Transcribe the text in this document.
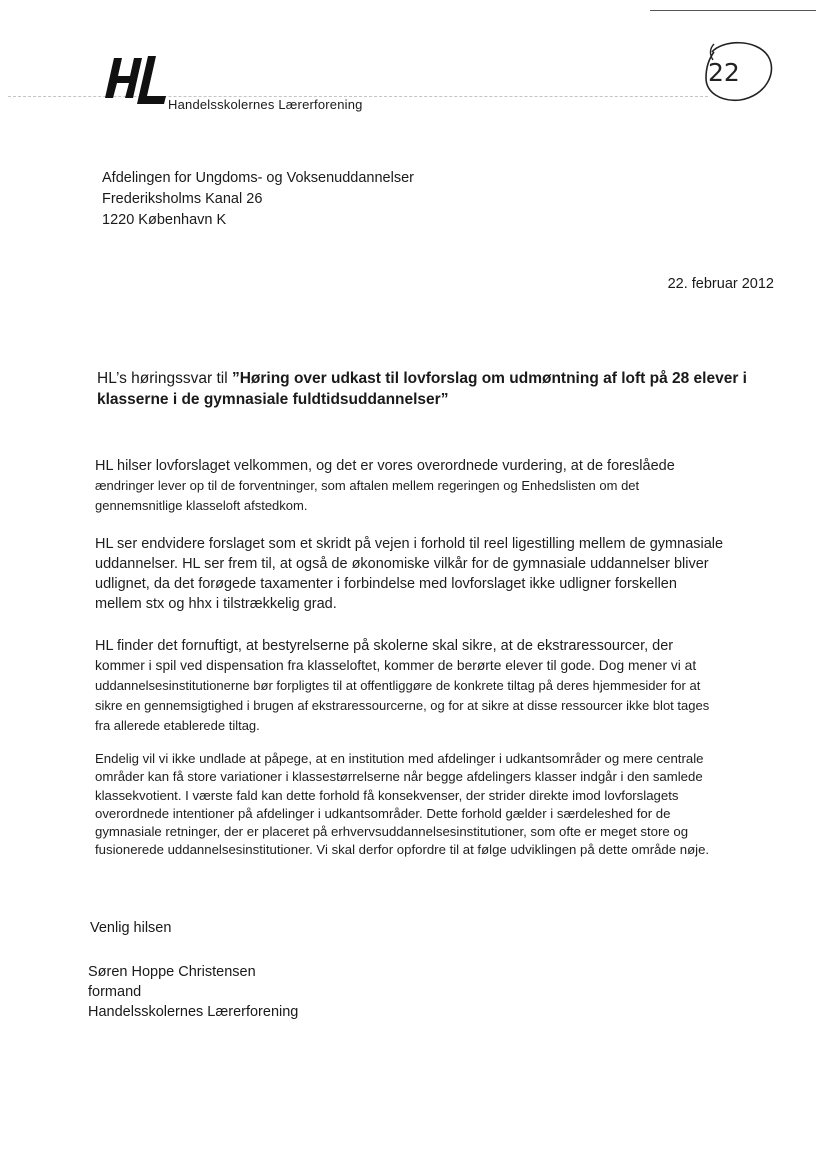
Handelsskolernes Lærerforening
22
Afdelingen for Ungdoms- og Voksenuddannelser
Frederiksholms Kanal 26
1220 København K
22. februar 2012
HL’s høringssvar til ”Høring over udkast til lovforslag om udmøntning af loft på 28 elever i
klasserne i de gymnasiale fuldtidsuddannelser”
HL hilser lovforslaget velkommen, og det er vores overordnede vurdering, at de foreslåede
ændringer lever op til de forventninger, som aftalen mellem regeringen og Enhedslisten om det
gennemsnitlige klasseloft afstedkom.
HL ser endvidere forslaget som et skridt på vejen i forhold til reel ligestilling mellem de gymnasiale
uddannelser. HL ser frem til, at også de økonomiske vilkår for de gymnasiale uddannelser bliver
udlignet, da det forøgede taxamenter i forbindelse med lovforslaget ikke udligner forskellen
mellem stx og hhx i tilstrækkelig grad.
HL finder det fornuftigt, at bestyrelserne på skolerne skal sikre, at de ekstraressourcer, der
kommer i spil ved dispensation fra klasseloftet, kommer de berørte elever til gode. Dog mener vi at
uddannelsesinstitutionerne bør forpligtes til at offentliggøre de konkrete tiltag på deres hjemmesider for at
sikre en gennemsigtighed i brugen af ekstraressourcerne, og for at sikre at disse ressourcer ikke blot tages
fra allerede etablerede tiltag.
Endelig vil vi ikke undlade at påpege, at en institution med afdelinger i udkantsområder og mere centrale
områder kan få store variationer i klassestørrelserne når begge afdelingers klasser indgår i den samlede
klassekvotient. I værste fald kan dette forhold få konsekvenser, der strider direkte imod lovforslagets
overordnede intentioner på afdelinger i udkantsområder. Dette forhold gælder i særdeleshed for de
gymnasiale retninger, der er placeret på erhvervsuddannelsesinstitutioner, som ofte er meget store og
fusionerede uddannelsesinstitutioner. Vi skal derfor opfordre til at følge udviklingen på dette område nøje.
Venlig hilsen
Søren Hoppe Christensen
formand
Handelsskolernes Lærerforening
